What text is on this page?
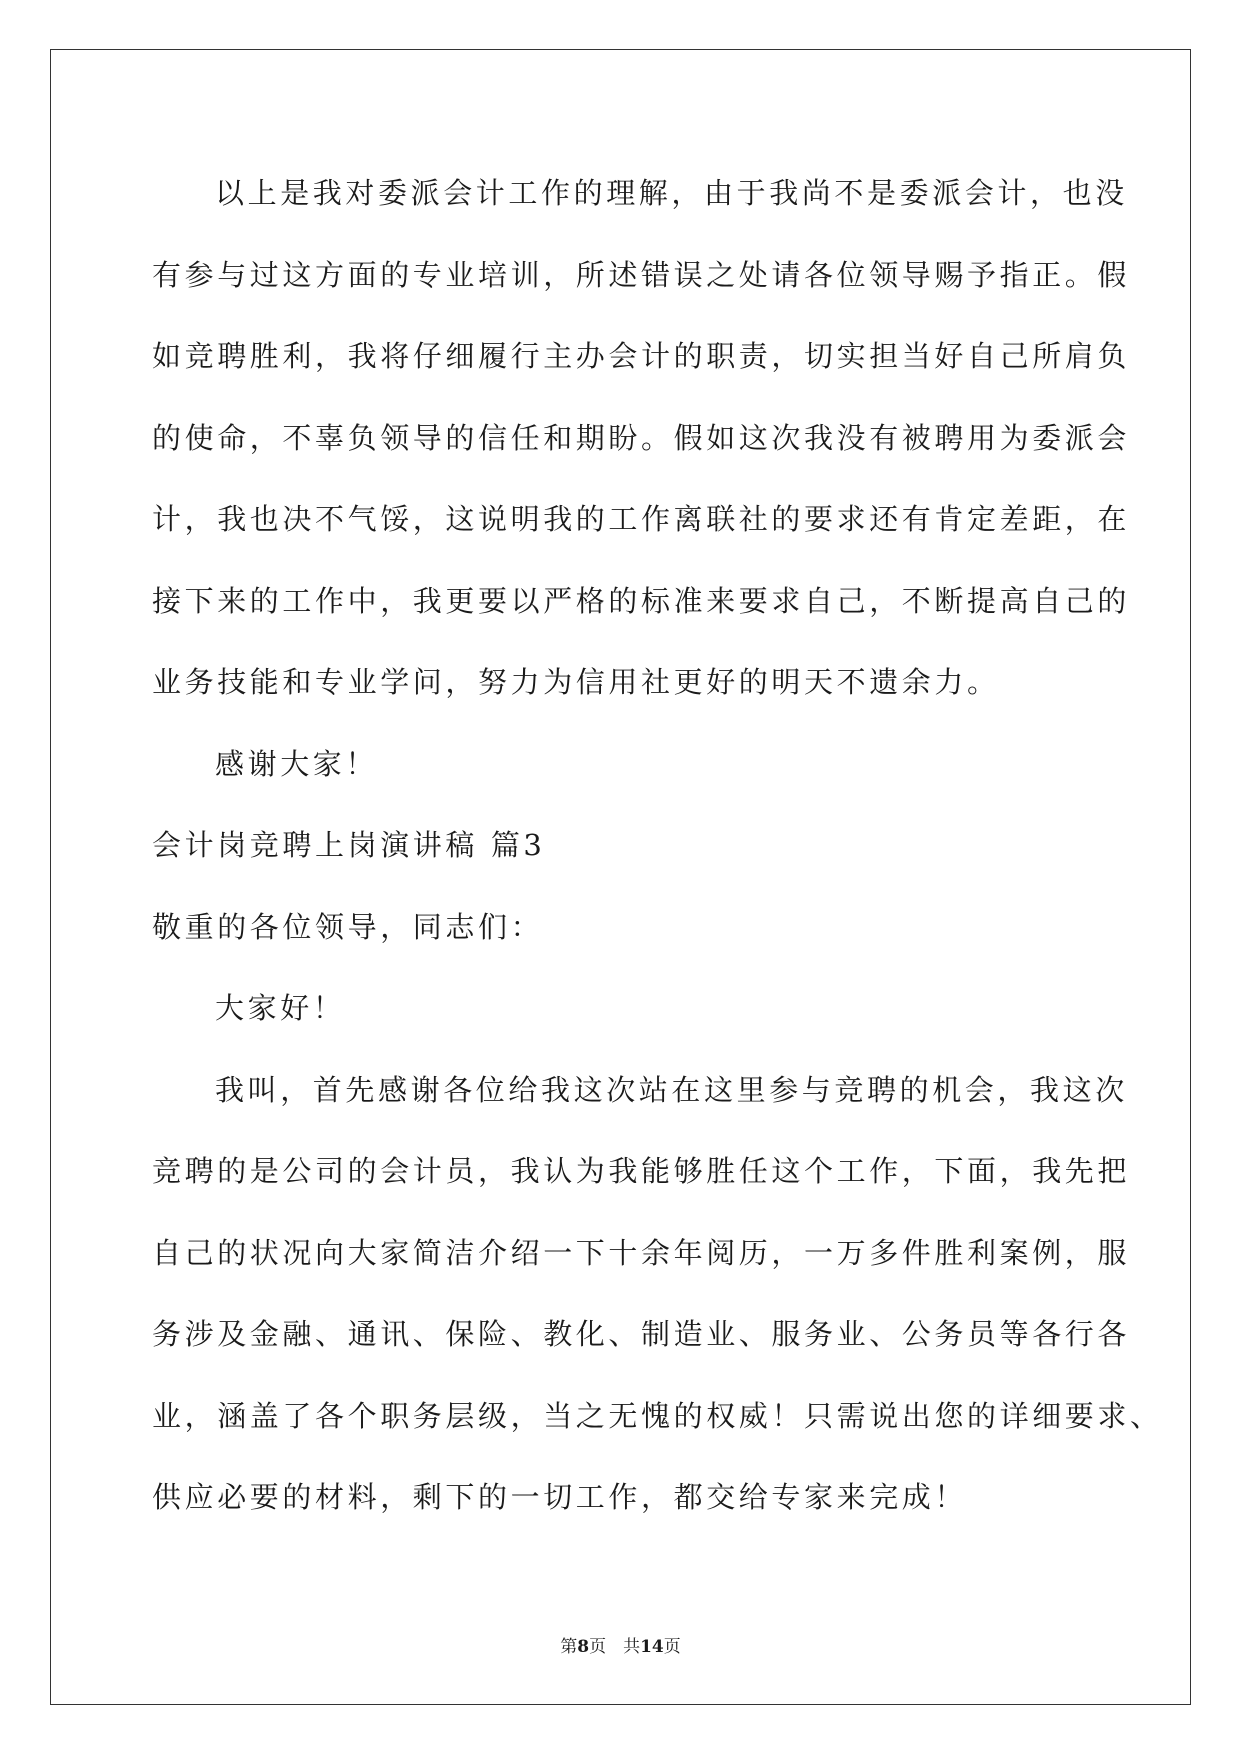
以上是我对委派会计工作的理解，由于我尚不是委派会计，也没
有参与过这方面的专业培训，所述错误之处请各位领导赐予指正。假
如竞聘胜利，我将仔细履行主办会计的职责，切实担当好自己所肩负
的使命，不辜负领导的信任和期盼。假如这次我没有被聘用为委派会
计，我也决不气馁，这说明我的工作离联社的要求还有肯定差距，在
接下来的工作中，我更要以严格的标准来要求自己，不断提高自己的
业务技能和专业学问，努力为信用社更好的明天不遗余力。
感谢大家！
会计岗竞聘上岗演讲稿 篇3
敬重的各位领导，同志们：
大家好！
我叫，首先感谢各位给我这次站在这里参与竞聘的机会，我这次
竞聘的是公司的会计员，我认为我能够胜任这个工作，下面，我先把
自己的状况向大家简洁介绍一下十余年阅历，一万多件胜利案例，服
务涉及金融、通讯、保险、教化、制造业、服务业、公务员等各行各
业，涵盖了各个职务层级，当之无愧的权威！只需说出您的详细要求、
供应必要的材料，剩下的一切工作，都交给专家来完成！
第8页　共14页
